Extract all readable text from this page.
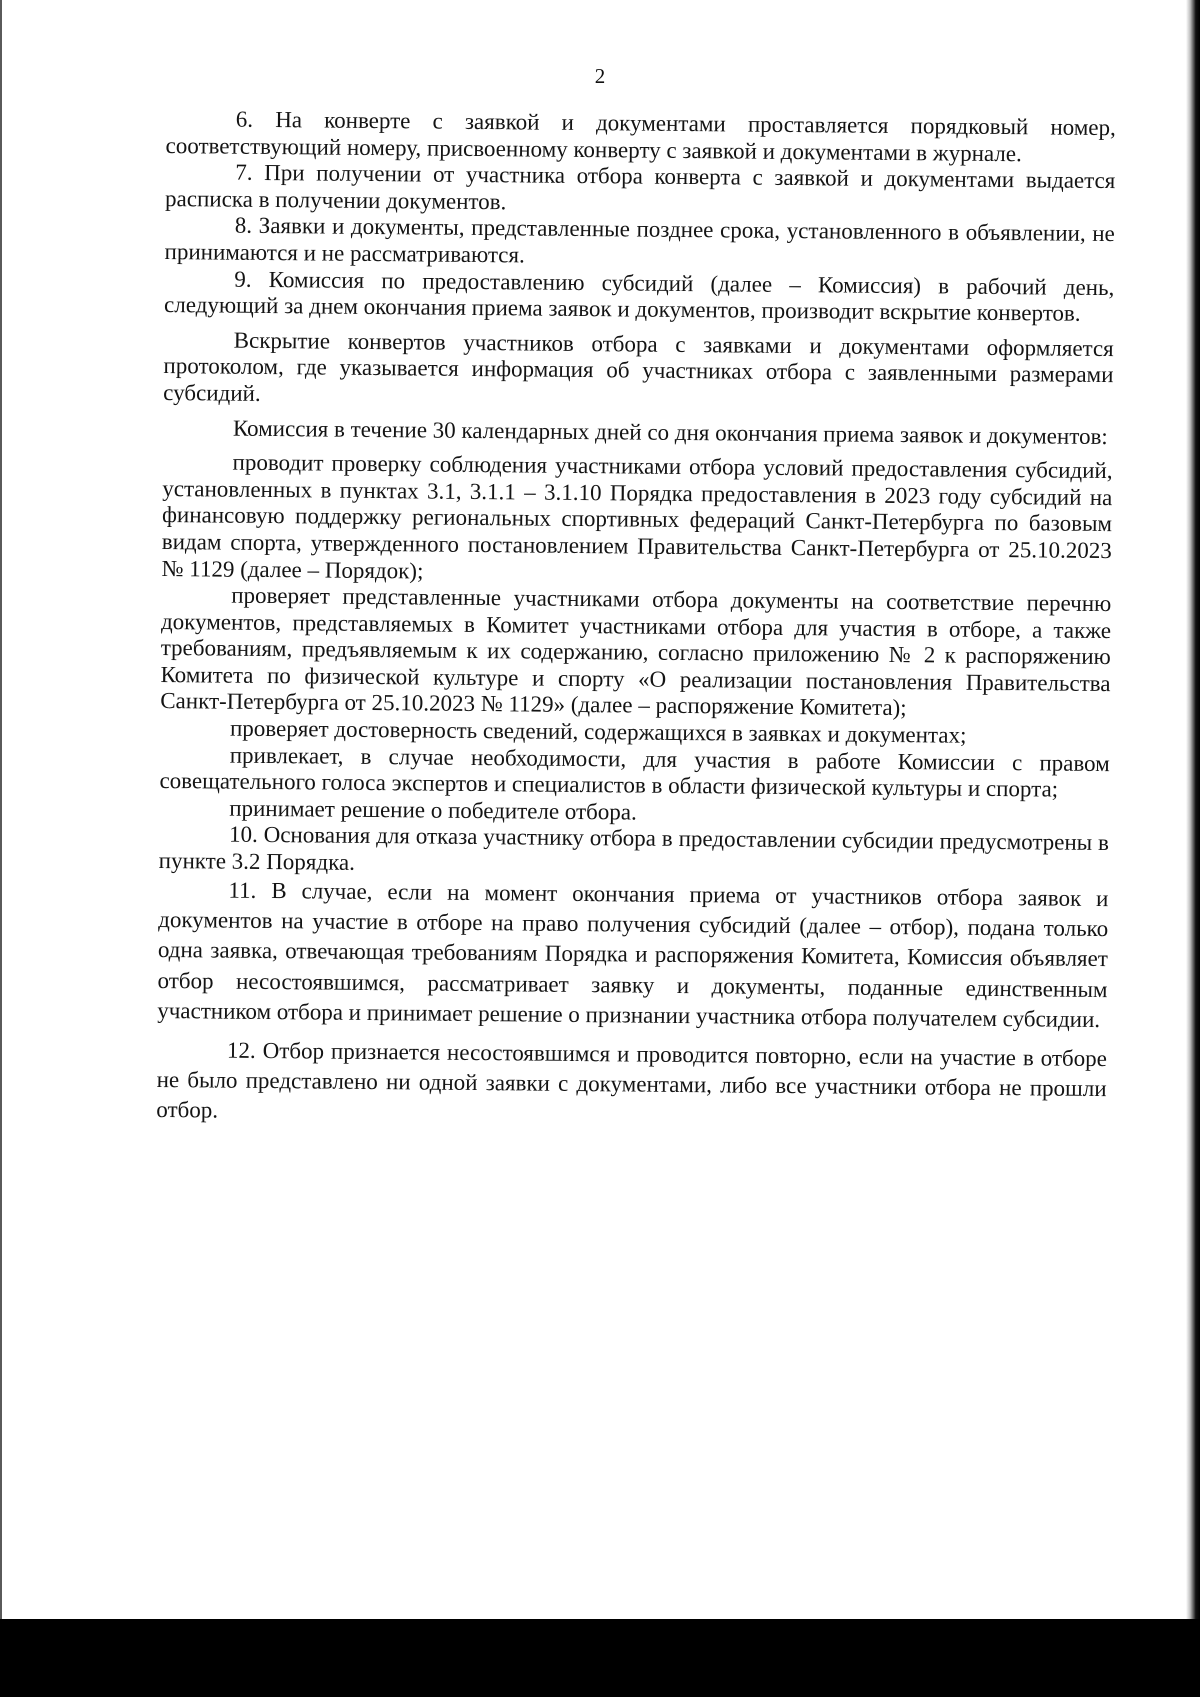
2

6. На конверте с заявкой и документами проставляется порядковый номер, соответствующий номеру, присвоенному конверту с заявкой и документами в журнале.

7. При получении от участника отбора конверта с заявкой и документами выдается расписка в получении документов.

8. Заявки и документы, представленные позднее срока, установленного в объявлении, не принимаются и не рассматриваются.

9. Комиссия по предоставлению субсидий (далее – Комиссия) в рабочий день, следующий за днем окончания приема заявок и документов, производит вскрытие конвертов.

Вскрытие конвертов участников отбора с заявками и документами оформляется протоколом, где указывается информация об участниках отбора с заявленными размерами субсидий.

Комиссия в течение 30 календарных дней со дня окончания приема заявок и документов:

проводит проверку соблюдения участниками отбора условий предоставления субсидий, установленных в пунктах 3.1, 3.1.1 – 3.1.10 Порядка предоставления в 2023 году субсидий на финансовую поддержку региональных спортивных федераций Санкт-Петербурга по базовым видам спорта, утвержденного постановлением Правительства Санкт-Петербурга от 25.10.2023 № 1129 (далее – Порядок);

проверяет представленные участниками отбора документы на соответствие перечню документов, представляемых в Комитет участниками отбора для участия в отборе, а также требованиям, предъявляемым к их содержанию, согласно приложению № 2 к распоряжению Комитета по физической культуре и спорту «О реализации постановления Правительства Санкт-Петербурга от 25.10.2023 № 1129» (далее – распоряжение Комитета);

проверяет достоверность сведений, содержащихся в заявках и документах;

привлекает, в случае необходимости, для участия в работе Комиссии с правом совещательного голоса экспертов и специалистов в области физической культуры и спорта;

принимает решение о победителе отбора.

10. Основания для отказа участнику отбора в предоставлении субсидии предусмотрены в пункте 3.2 Порядка.

11. В случае, если на момент окончания приема от участников отбора заявок и документов на участие в отборе на право получения субсидий (далее – отбор), подана только одна заявка, отвечающая требованиям Порядка и распоряжения Комитета, Комиссия объявляет отбор несостоявшимся, рассматривает заявку и документы, поданные единственным участником отбора и принимает решение о признании участника отбора получателем субсидии.

12. Отбор признается несостоявшимся и проводится повторно, если на участие в отборе не было представлено ни одной заявки с документами, либо все участники отбора не прошли отбор.
